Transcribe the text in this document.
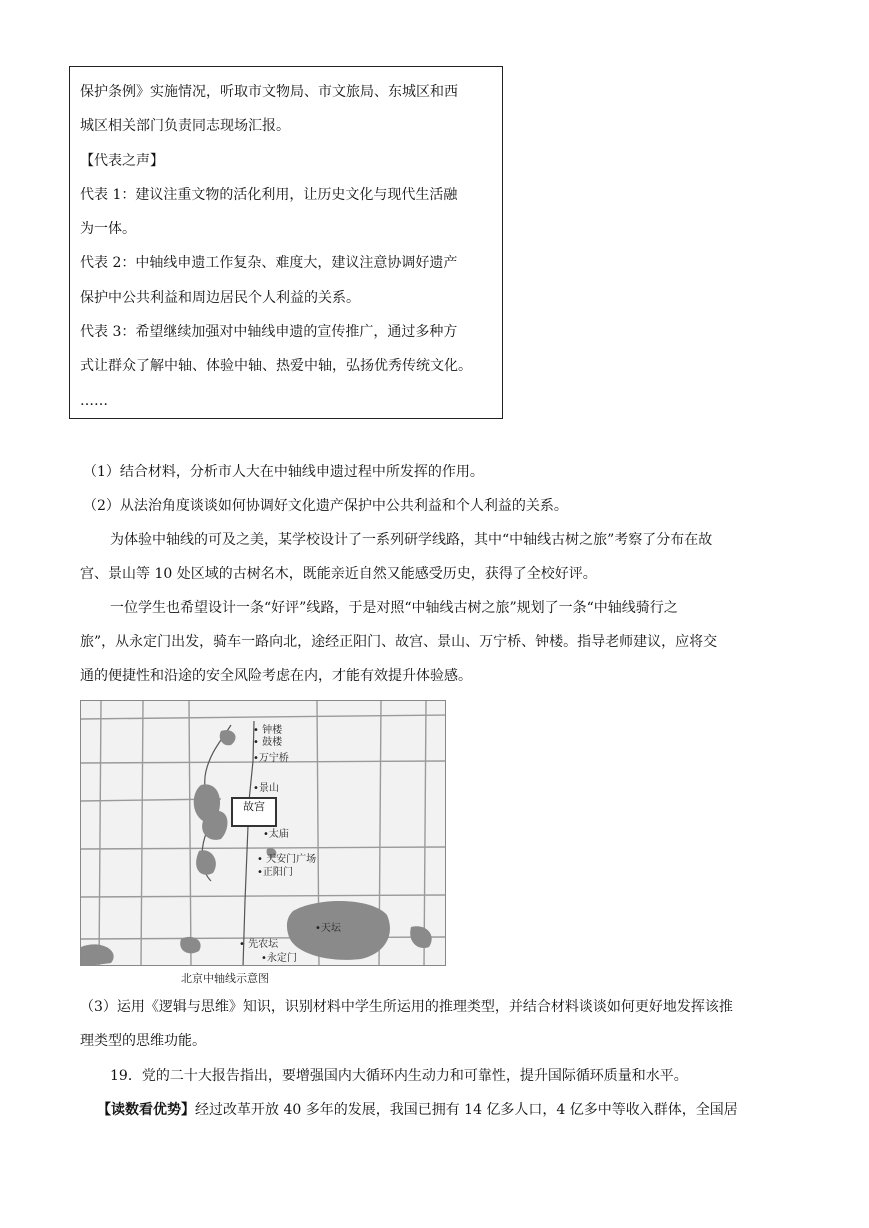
保护条例》实施情况，听取市文物局、市文旅局、东城区和西

城区相关部门负责同志现场汇报。

【代表之声】

代表 1：建议注重文物的活化利用，让历史文化与现代生活融

为一体。

代表 2：中轴线申遗工作复杂、难度大，建议注意协调好遗产

保护中公共利益和周边居民个人利益的关系。

代表 3：希望继续加强对中轴线申遗的宣传推广，通过多种方

式让群众了解中轴、体验中轴、热爱中轴，弘扬优秀传统文化。

……

（1）结合材料，分析市人大在中轴线申遗过程中所发挥的作用。

（2）从法治角度谈谈如何协调好文化遗产保护中公共利益和个人利益的关系。

为体验中轴线的可及之美，某学校设计了一系列研学线路，其中“中轴线古树之旅”考察了分布在故

宫、景山等 10 处区域的古树名木，既能亲近自然又能感受历史，获得了全校好评。

一位学生也希望设计一条“好评”线路，于是对照“中轴线古树之旅”规划了一条“中轴线骑行之

旅”，从永定门出发，骑车一路向北，途经正阳门、故宫、景山、万宁桥、钟楼。指导老师建议，应将交

通的便捷性和沿途的安全风险考虑在内，才能有效提升体验感。

• 钟楼
• 鼓楼
•万宁桥
•景山
故宫
•太庙
• 天安门广场
•正阳门
•天坛
• 先农坛
•永定门
北京中轴线示意图

（3）运用《逻辑与思维》知识，识别材料中学生所运用的推理类型，并结合材料谈谈如何更好地发挥该推

理类型的思维功能。

19．党的二十大报告指出，要增强国内大循环内生动力和可靠性，提升国际循环质量和水平。

【读数看优势】经过改革开放 40 多年的发展，我国已拥有 14 亿多人口，4 亿多中等收入群体，全国居
